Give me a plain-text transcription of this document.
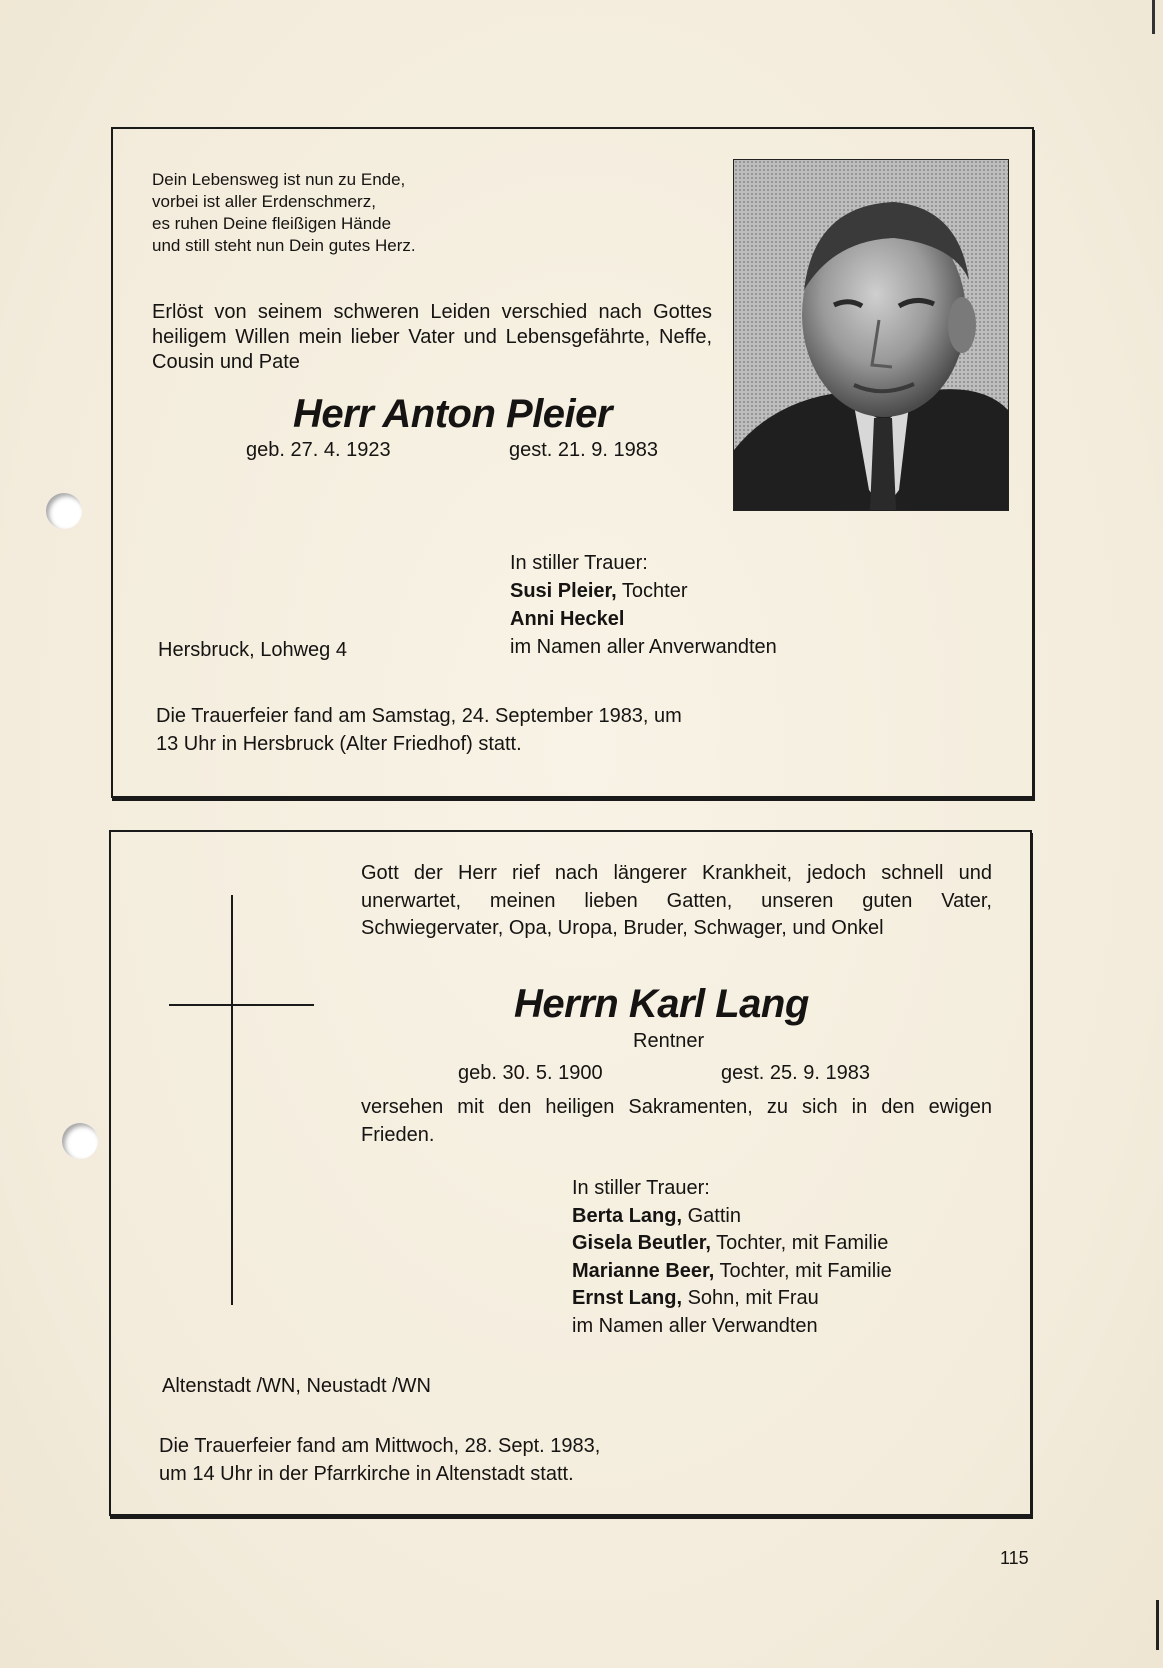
Dein Lebensweg ist nun zu Ende,
vorbei ist aller Erdenschmerz,
es ruhen Deine fleißigen Hände
und still steht nun Dein gutes Herz.

Erlöst von seinem schweren Leiden verschied nach Gottes heiligem Willen mein lieber Vater und Lebensgefährte, Neffe, Cousin und Pate

Herr Anton Pleier
geb. 27. 4. 1923	gest. 21. 9. 1983
In stiller Trauer:
Susi Pleier, Tochter
Anni Heckel
im Namen aller Anverwandten
Hersbruck, Lohweg 4
Die Trauerfeier fand am Samstag, 24. September 1983, um
13 Uhr in Hersbruck (Alter Friedhof) statt.

Gott der Herr rief nach längerer Krankheit, jedoch schnell und unerwartet, meinen lieben Gatten, unseren guten Vater, Schwiegervater, Opa, Uropa, Bruder, Schwager, und Onkel

Herrn Karl Lang
Rentner
geb. 30. 5. 1900	gest. 25. 9. 1983

versehen mit den heiligen Sakramenten, zu sich in den ewigen Frieden.

In stiller Trauer:
Berta Lang, Gattin
Gisela Beutler, Tochter, mit Familie
Marianne Beer, Tochter, mit Familie
Ernst Lang, Sohn, mit Frau
im Namen aller Verwandten
Altenstadt /WN, Neustadt /WN
Die Trauerfeier fand am Mittwoch, 28. Sept. 1983,
um 14 Uhr in der Pfarrkirche in Altenstadt statt.
115
